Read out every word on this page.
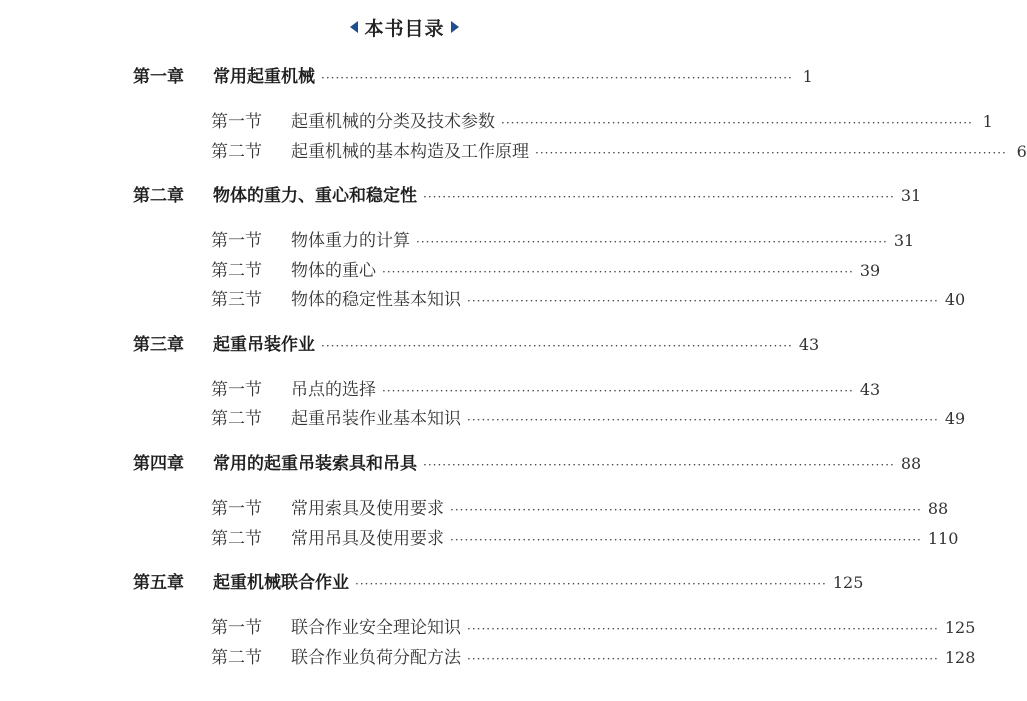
本书目录
第一章	常用起重机械 ·································································································· 1
第一节	起重机械的分类及技术参数 ·································································································· 1
第二节	起重机械的基本构造及工作原理 ·································································································· 6
第二章	物体的重力、重心和稳定性 ·································································································· 31
第一节	物体重力的计算 ·································································································· 31
第二节	物体的重心 ·································································································· 39
第三节	物体的稳定性基本知识 ·································································································· 40
第三章	起重吊装作业 ·································································································· 43
第一节	吊点的选择 ·································································································· 43
第二节	起重吊装作业基本知识 ·································································································· 49
第四章	常用的起重吊装索具和吊具 ·································································································· 88
第一节	常用索具及使用要求 ·································································································· 88
第二节	常用吊具及使用要求 ·································································································· 110
第五章	起重机械联合作业 ·································································································· 125
第一节	联合作业安全理论知识 ·································································································· 125
第二节	联合作业负荷分配方法 ·································································································· 128
